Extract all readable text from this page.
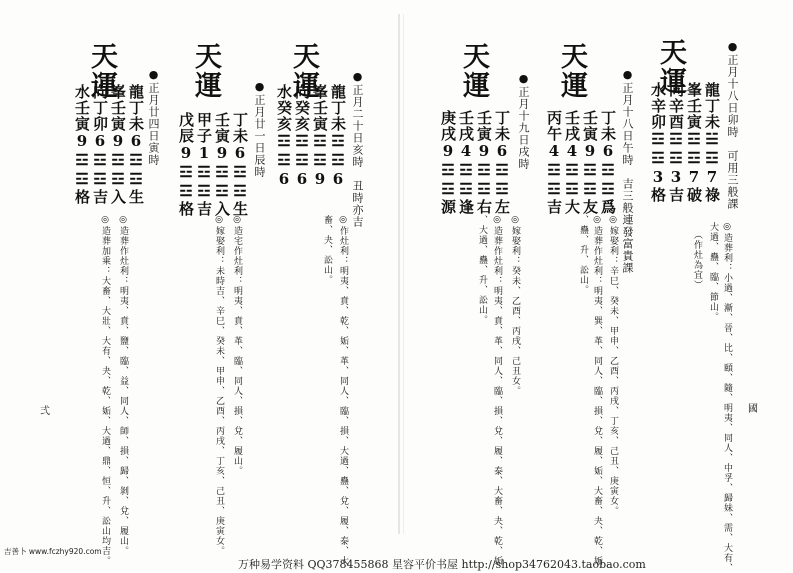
天運	●正月十八日卯時　可用三般課
龍丁未☱☲7祿
峯壬寅☲☲7破
向辛酉☲☲3吉
水辛卯☲☲3格
◎造葬利：小過、漸、晉、比、頤、隨、明夷、同人、中孚、歸妹、需、大有、
大過、蠱、臨、節山。
（作灶為宜）
天運	●正月十八日午時　吉三般連發富貴課
丁未6☲☲爲
壬寅9☲☲友
壬戌4☲☲大
丙午4☲☲吉
◎嫁娶利：辛巳、癸未、甲申、乙酉、丙戌、丁亥、己丑、庚寅女。
◎造葬作灶利：明夷、巽、革、同人、臨、損、兌、履、姤、大畜、夬、乾、姤
、蠱、升、訟山。
天運
●正月十九日戌時
丁未6☲☲左
壬寅9☲☲右
壬戌4☲☲逢
庚戌9☲☲源
◎嫁娶利：癸未、乙酉、丙戌、己丑女。
◎造葬作灶利：明夷、賁、革、同人、臨、損、兌、履、泰、大畜、夬、乾、姤
、大過、蠱、升、訟山。
國
天運	●正月二十日亥時　丑時亦吉
龍丁未☲☲6
峯壬寅☲☲9
向癸亥☲☲6
水癸亥☲☲6
◎作灶利：明夷、賁、乾、姤、革、同人、臨、損、大過、蠱、兌、履、泰、大
畜、夬、訟山。
天運
●正月廿一日辰時
丁未6☲☲生
壬寅9☲☲入
甲子1☲☲吉
戊辰9☲☲格
◎造宅作灶利：明夷、賁、革、臨、同人、損、兌、履山。
◎嫁娶利：未時吉、辛巳、癸未、甲申、乙酉、丙戌、丁亥、己丑、庚寅女。
天運	●正月廿四日寅時
龍丁未6☲☲生
峯壬寅9☲☲入
向丁卯6☲☲吉
水壬寅9☲☲格
◎造葬作灶利：明夷、賁、鹽、臨、益、同人、師、損、歸、剝、兌、履山。
◎造葬加乘：大畜、大壯、大有、夬、乾、姤、大過、鼎、恒、升、訟山均吉。
弍
吉善卜 www.fczhy920.com
万种易学资料 QQ378455868 星容平价书屋 http://shop34762043.taobao.com
